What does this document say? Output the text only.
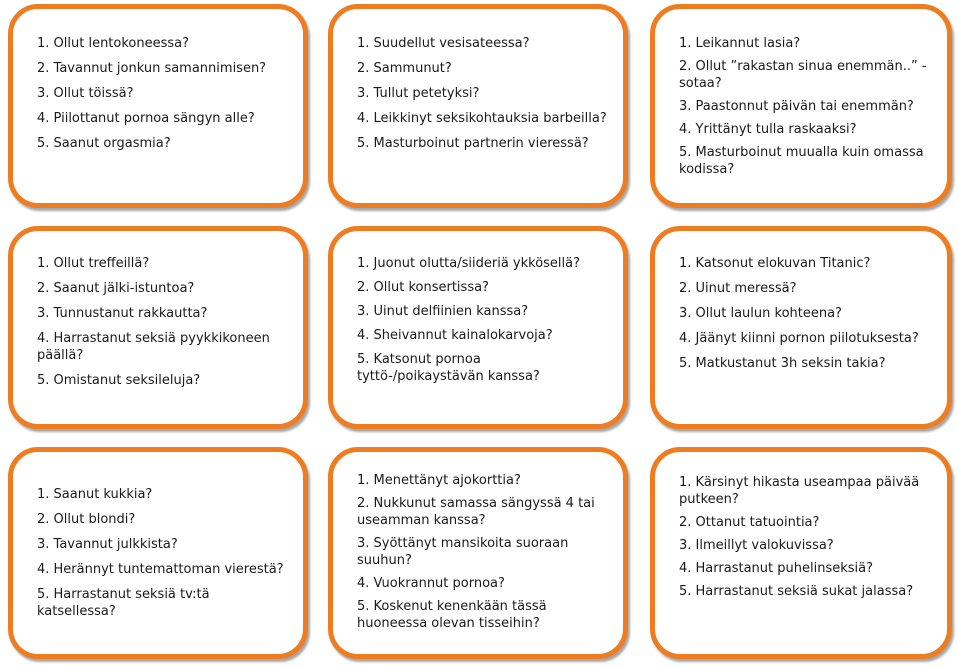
1. Ollut lentokoneessa?
2. Tavannut jonkun samannimisen?
3. Ollut töissä?
4. Piilottanut pornoa sängyn alle?
5. Saanut orgasmia?
1. Suudellut vesisateessa?
2. Sammunut?
3. Tullut petetyksi?
4. Leikkinyt seksikohtauksia barbeilla?
5. Masturboinut partnerin vieressä?
1. Leikannut lasia?
2. Ollut ”rakastan sinua enemmän..” -sotaa?
3. Paastonnut päivän tai enemmän?
4. Yrittänyt tulla raskaaksi?
5. Masturboinut muualla kuin omassa kodissa?
1. Ollut treffeillä?
2. Saanut jälki-istuntoa?
3. Tunnustanut rakkautta?
4. Harrastanut seksiä pyykkikoneen päällä?
5. Omistanut seksileluja?
1. Juonut olutta/siideriä ykkösellä?
2. Ollut konsertissa?
3. Uinut delfiinien kanssa?
4. Sheivannut kainalokarvoja?
5. Katsonut pornoa tyttö-/poikaystävän kanssa?
1. Katsonut elokuvan Titanic?
2. Uinut meressä?
3. Ollut laulun kohteena?
4. Jäänyt kiinni pornon piilotuksesta?
5. Matkustanut 3h seksin takia?
1. Saanut kukkia?
2. Ollut blondi?
3. Tavannut julkkista?
4. Herännyt tuntemattoman vierestä?
5. Harrastanut seksiä tv:tä katsellessa?
1. Menettänyt ajokorttia?
2. Nukkunut samassa sängyssä 4 tai useamman kanssa?
3. Syöttänyt mansikoita suoraan suuhun?
4. Vuokrannut pornoa?
5. Koskenut kenenkään tässä huoneessa olevan tisseihin?
1. Kärsinyt hikasta useampaa päivää putkeen?
2. Ottanut tatuointia?
3. Ilmeillyt valokuvissa?
4. Harrastanut puhelinseksiä?
5. Harrastanut seksiä sukat jalassa?
